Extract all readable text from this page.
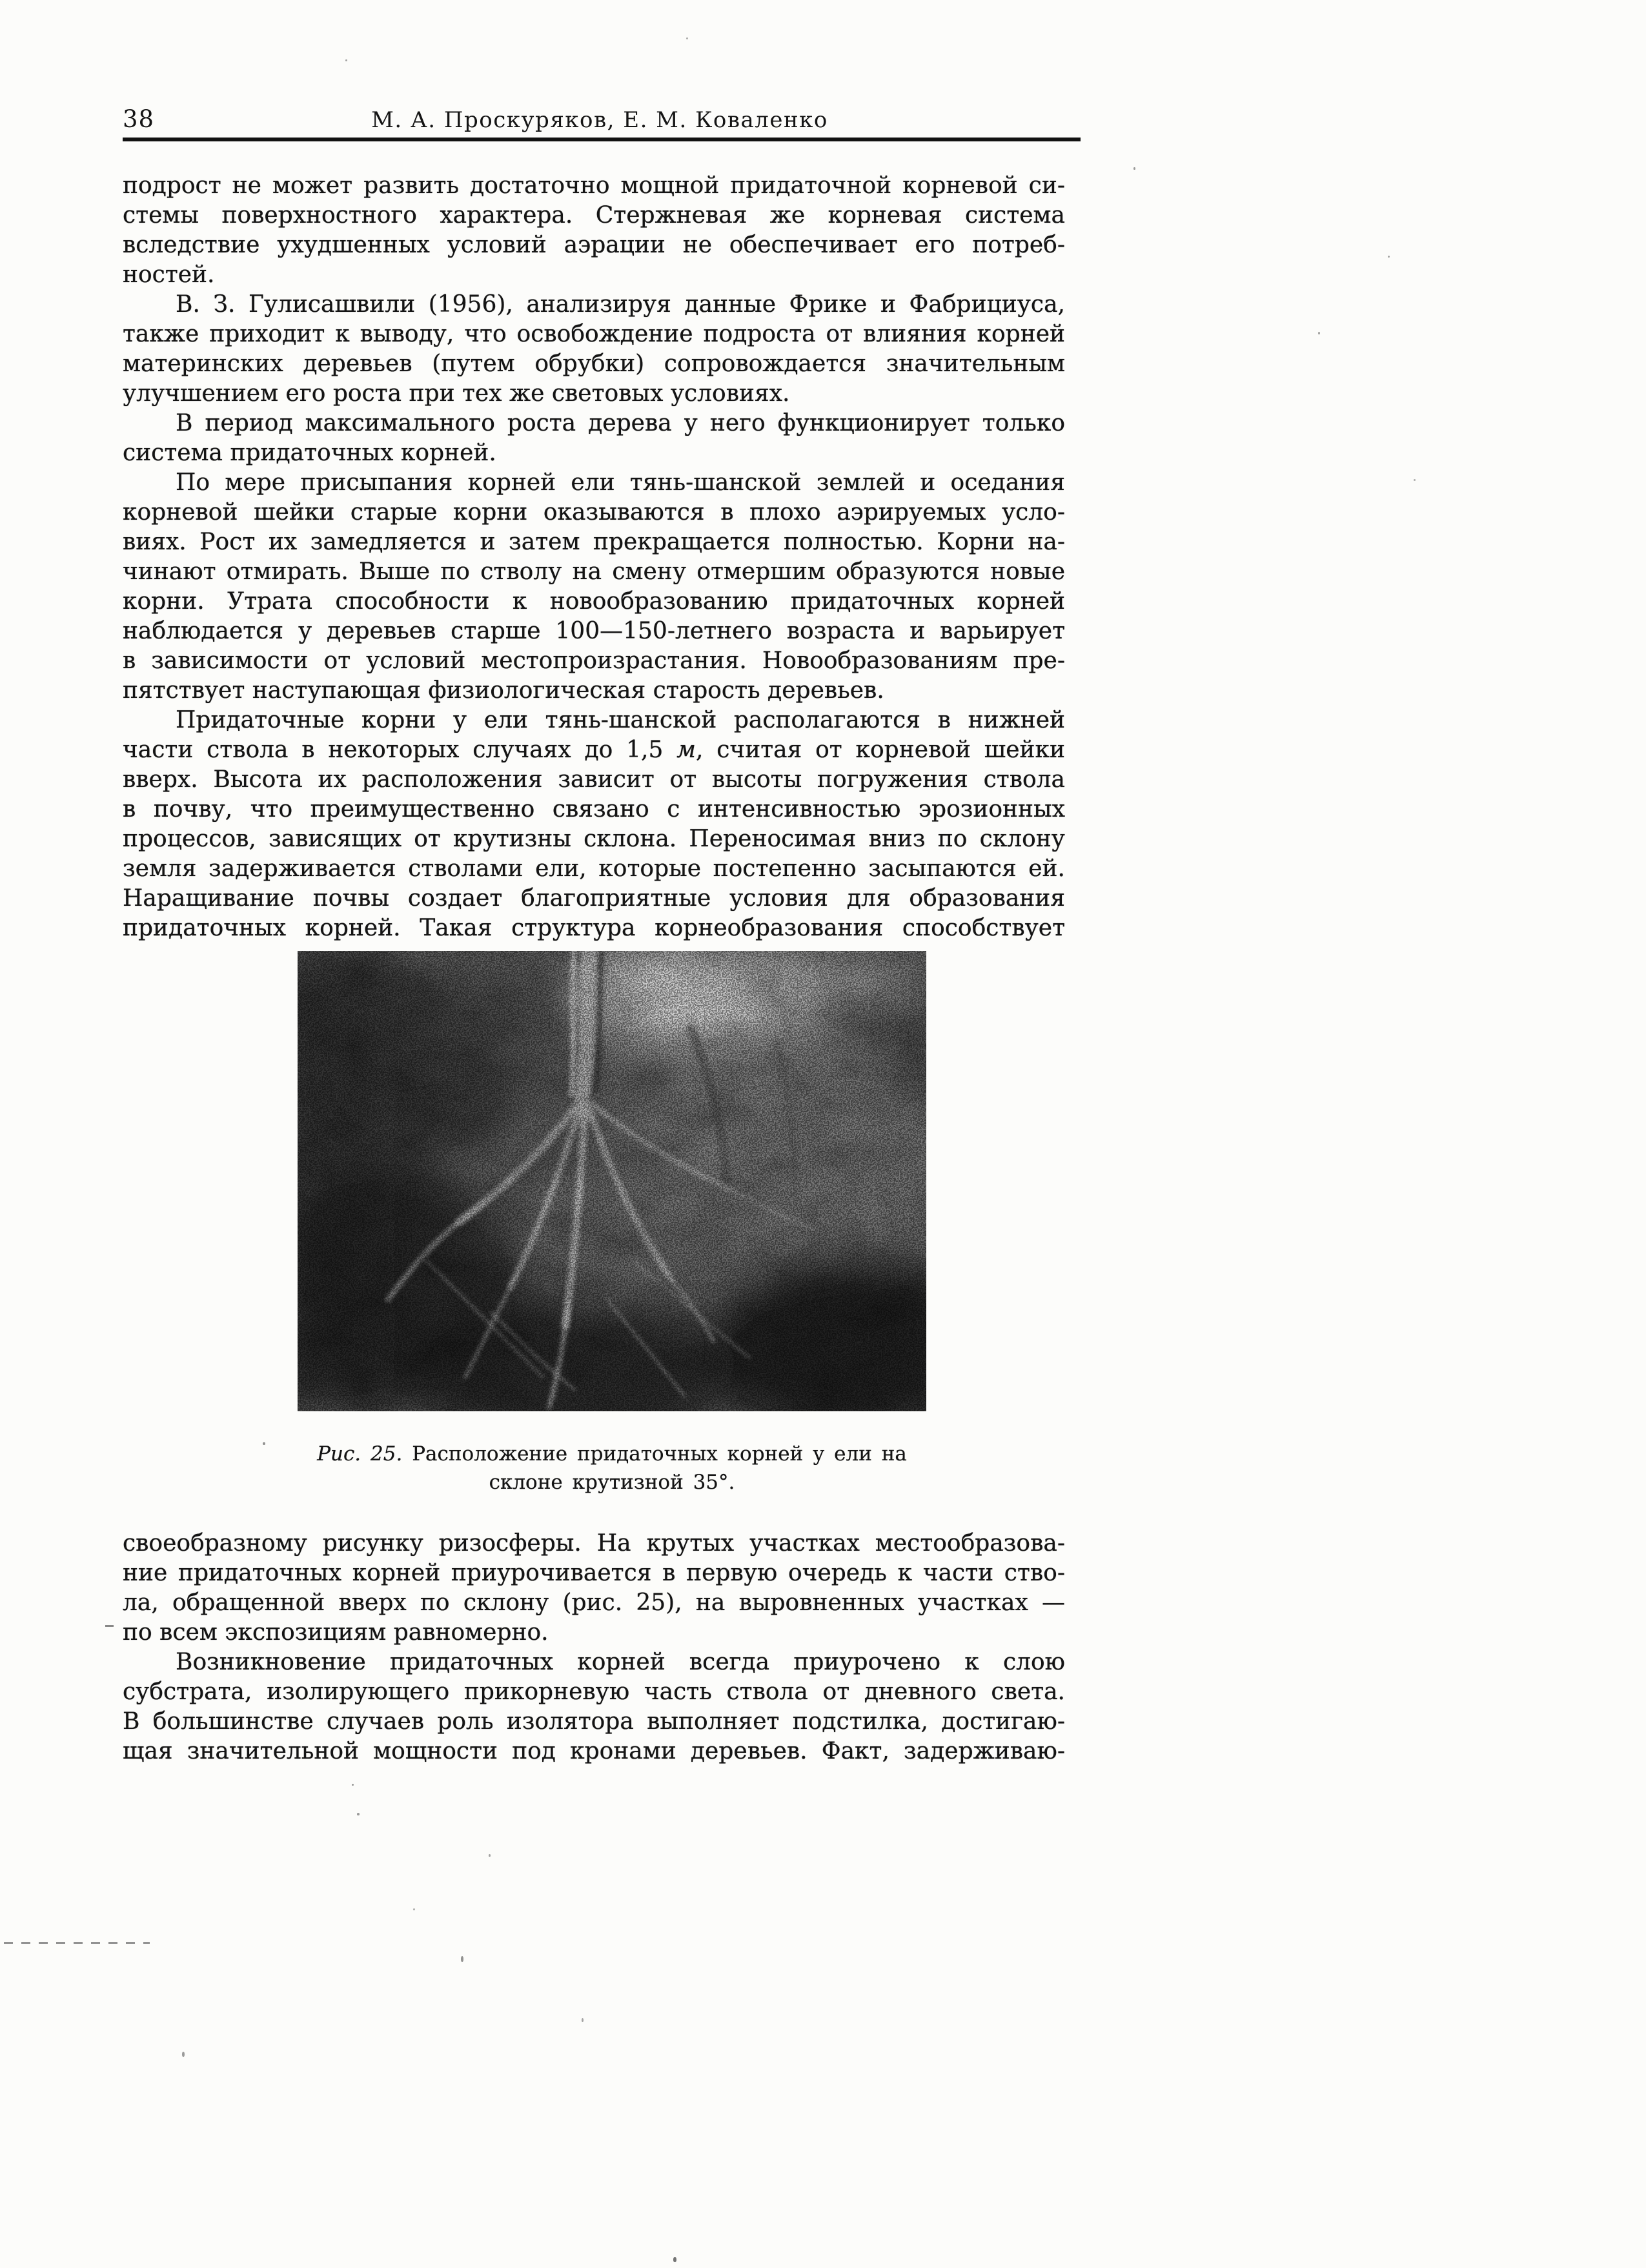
38	М. А. Проскуряков, Е. М. Коваленко
подрост не может развить достаточно мощной придаточной корневой си-
стемы поверхностного характера. Стержневая же корневая система
вследствие ухудшенных условий аэрации не обеспечивает его потреб-
ностей.
В. З. Гулисашвили (1956), анализируя данные Фрике и Фабрициуса,
также приходит к выводу, что освобождение подроста от влияния корней
материнских деревьев (путем обрубки) сопровождается значительным
улучшением его роста при тех же световых условиях.
В период максимального роста дерева у него функционирует только
система придаточных корней.
По мере присыпания корней ели тянь-шанской землей и оседания
корневой шейки старые корни оказываются в плохо аэрируемых усло-
виях. Рост их замедляется и затем прекращается полностью. Корни на-
чинают отмирать. Выше по стволу на смену отмершим образуются новые
корни. Утрата способности к новообразованию придаточных корней
наблюдается у деревьев старше 100—150-летнего возраста и варьирует
в зависимости от условий местопроизрастания. Новообразованиям пре-
пятствует наступающая физиологическая старость деревьев.
Придаточные корни у ели тянь-шанской располагаются в нижней
части ствола в некоторых случаях до 1,5 м, считая от корневой шейки
вверх. Высота их расположения зависит от высоты погружения ствола
в почву, что преимущественно связано с интенсивностью эрозионных
процессов, зависящих от крутизны склона. Переносимая вниз по склону
земля задерживается стволами ели, которые постепенно засыпаются ей.
Наращивание почвы создает благоприятные условия для образования
придаточных корней. Такая структура корнеобразования способствует
Рис. 25. Расположение придаточных корней у ели на
склоне крутизной 35°.
своеобразному рисунку ризосферы. На крутых участках местообразова-
ние придаточных корней приурочивается в первую очередь к части ство-
ла, обращенной вверх по склону (рис. 25), на выровненных участках —
по всем экспозициям равномерно.
Возникновение придаточных корней всегда приурочено к слою
субстрата, изолирующего прикорневую часть ствола от дневного света.
В большинстве случаев роль изолятора выполняет подстилка, достигаю-
щая значительной мощности под кронами деревьев. Факт, задерживаю-
